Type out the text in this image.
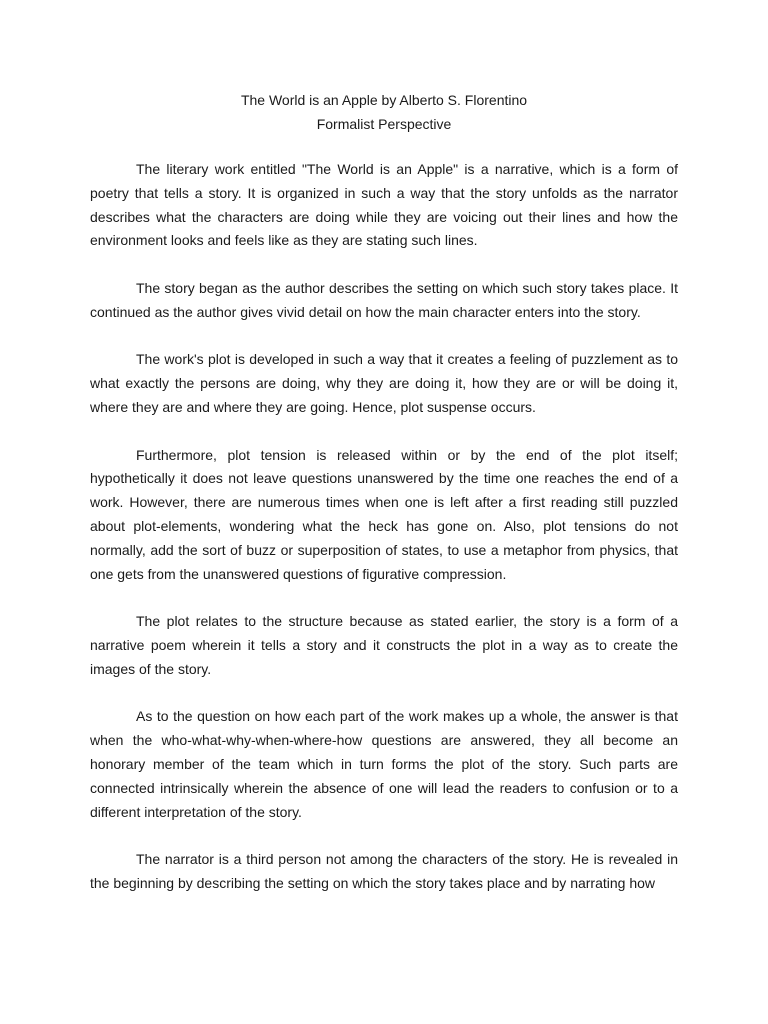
The World is an Apple by Alberto S. Florentino
Formalist Perspective

The literary work entitled "The World is an Apple" is a narrative, which is a form of poetry that tells a story. It is organized in such a way that the story unfolds as the narrator describes what the characters are doing while they are voicing out their lines and how the environment looks and feels like as they are stating such lines.

The story began as the author describes the setting on which such story takes place. It continued as the author gives vivid detail on how the main character enters into the story.

The work's plot is developed in such a way that it creates a feeling of puzzlement as to what exactly the persons are doing, why they are doing it, how they are or will be doing it, where they are and where they are going. Hence, plot suspense occurs.

Furthermore, plot tension is released within or by the end of the plot itself; hypothetically it does not leave questions unanswered by the time one reaches the end of a work. However, there are numerous times when one is left after a first reading still puzzled about plot-elements, wondering what the heck has gone on. Also, plot tensions do not normally, add the sort of buzz or superposition of states, to use a metaphor from physics, that one gets from the unanswered questions of figurative compression.

The plot relates to the structure because as stated earlier, the story is a form of a narrative poem wherein it tells a story and it constructs the plot in a way as to create the images of the story.

As to the question on how each part of the work makes up a whole, the answer is that when the who-what-why-when-where-how questions are answered, they all become an honorary member of the team which in turn forms the plot of the story. Such parts are connected intrinsically wherein the absence of one will lead the readers to confusion or to a different interpretation of the story.

The narrator is a third person not among the characters of the story. He is revealed in the beginning by describing the setting on which the story takes place and by narrating how
